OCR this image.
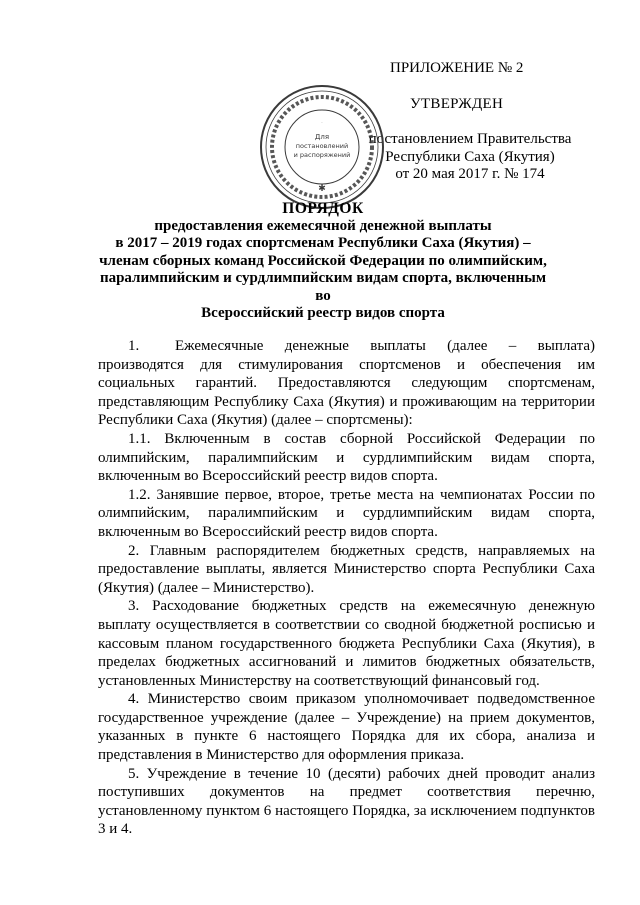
ПРИЛОЖЕНИЕ № 2
УТВЕРЖДЕН
постановлением Правительства
Республики Саха (Якутия)
от 20 мая 2017 г. № 174
•
Для
постановлений
и распоряжений
✱
ПОРЯДОК
предоставления ежемесячной денежной выплаты
в 2017 – 2019 годах спортсменам Республики Саха (Якутия) –
членам сборных команд Российской Федерации по олимпийским,
паралимпийским и сурдлимпийским видам спорта, включенным во
Всероссийский реестр видов спорта

1. Ежемесячные денежные выплаты (далее – выплата) производятся для стимулирования спортсменов и обеспечения им социальных гарантий. Предоставляются следующим спортсменам, представляющим Республику Саха (Якутия) и проживающим на территории Республики Саха (Якутия) (далее – спортсмены):

1.1. Включенным в состав сборной Российской Федерации по олимпийским, паралимпийским и сурдлимпийским видам спорта, включенным во Всероссийский реестр видов спорта.

1.2. Занявшие первое, второе, третье места на чемпионатах России по олимпийским, паралимпийским и сурдлимпийским видам спорта, включенным во Всероссийский реестр видов спорта.

2. Главным распорядителем бюджетных средств, направляемых на предоставление выплаты, является Министерство спорта Республики Саха (Якутия) (далее – Министерство).

3. Расходование бюджетных средств на ежемесячную денежную выплату осуществляется в соответствии со сводной бюджетной росписью и кассовым планом государственного бюджета Республики Саха (Якутия), в пределах бюджетных ассигнований и лимитов бюджетных обязательств, установленных Министерству на соответствующий финансовый год.

4. Министерство своим приказом уполномочивает подведомственное государственное учреждение (далее – Учреждение) на прием документов, указанных в пункте 6 настоящего Порядка для их сбора, анализа и представления в Министерство для оформления приказа.

5. Учреждение в течение 10 (десяти) рабочих дней проводит анализ поступивших документов на предмет соответствия перечню, установленному пунктом 6 настоящего Порядка, за исключением подпунктов 3 и 4.
